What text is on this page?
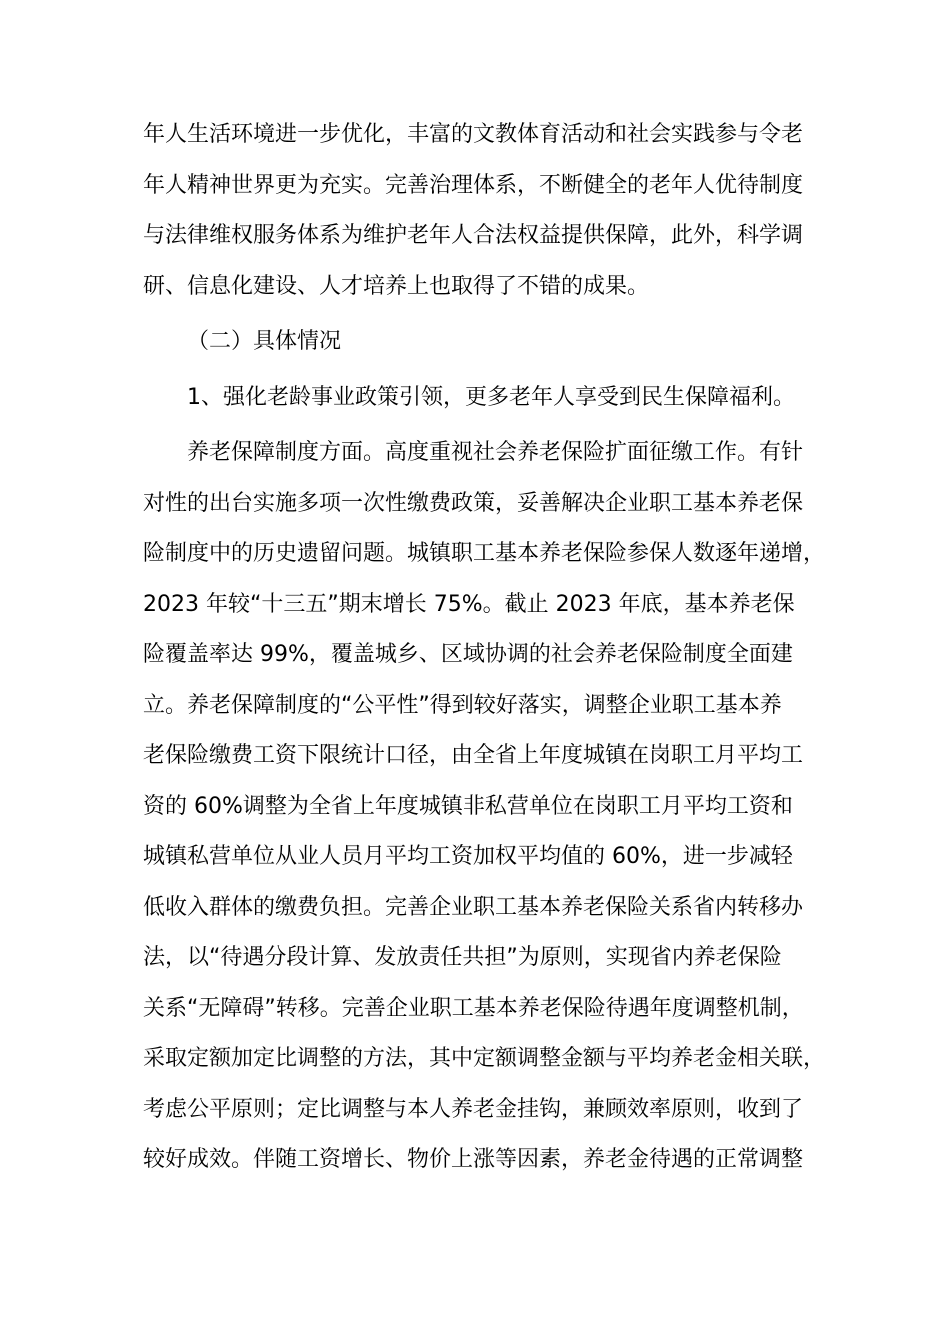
年人生活环境进一步优化，丰富的文教体育活动和社会实践参与令老
年人精神世界更为充实。完善治理体系，不断健全的老年人优待制度
与法律维权服务体系为维护老年人合法权益提供保障，此外，科学调
研、信息化建设、人才培养上也取得了不错的成果。
（二）具体情况
1、强化老龄事业政策引领，更多老年人享受到民生保障福利。
养老保障制度方面。高度重视社会养老保险扩面征缴工作。有针
对性的出台实施多项一次性缴费政策，妥善解决企业职工基本养老保
险制度中的历史遗留问题。城镇职工基本养老保险参保人数逐年递增，
2023 年较“十三五”期末增长 75%。截止 2023 年底，基本养老保
险覆盖率达 99%，覆盖城乡、区域协调的社会养老保险制度全面建
立。养老保障制度的“公平性”得到较好落实，调整企业职工基本养
老保险缴费工资下限统计口径，由全省上年度城镇在岗职工月平均工
资的 60%调整为全省上年度城镇非私营单位在岗职工月平均工资和
城镇私营单位从业人员月平均工资加权平均值的 60%，进一步减轻
低收入群体的缴费负担。完善企业职工基本养老保险关系省内转移办
法，以“待遇分段计算、发放责任共担”为原则，实现省内养老保险
关系“无障碍”转移。完善企业职工基本养老保险待遇年度调整机制，
采取定额加定比调整的方法，其中定额调整金额与平均养老金相关联，
考虑公平原则；定比调整与本人养老金挂钩，兼顾效率原则，收到了
较好成效。伴随工资增长、物价上涨等因素，养老金待遇的正常调整
